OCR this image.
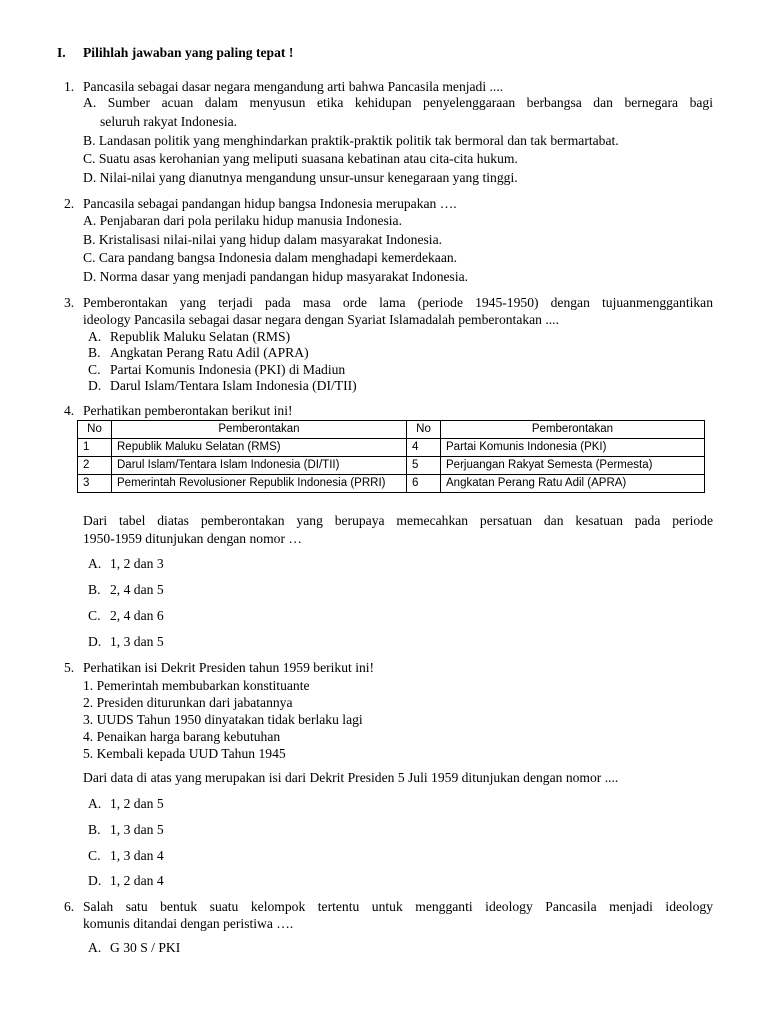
I. Pilihlah jawaban yang paling tepat !
1. Pancasila sebagai dasar negara mengandung arti bahwa Pancasila menjadi ....
A. Sumber acuan dalam menyusun etika kehidupan penyelenggaraan berbangsa dan bernegara bagi
seluruh rakyat Indonesia.
B. Landasan politik yang menghindarkan praktik-praktik politik tak bermoral dan tak bermartabat.
C. Suatu asas kerohanian yang meliputi suasana kebatinan atau cita-cita hukum.
D. Nilai-nilai yang dianutnya mengandung unsur-unsur kenegaraan yang tinggi.
2. Pancasila sebagai pandangan hidup bangsa Indonesia merupakan ….
A. Penjabaran dari pola perilaku hidup manusia Indonesia.
B. Kristalisasi nilai-nilai yang hidup dalam masyarakat Indonesia.
C. Cara pandang bangsa Indonesia dalam menghadapi kemerdekaan.
D. Norma dasar yang menjadi pandangan hidup masyarakat Indonesia.
3. Pemberontakan yang terjadi pada masa orde lama (periode 1945-1950) dengan tujuanmenggantikan
ideology Pancasila sebagai dasar negara dengan Syariat Islamadalah pemberontakan ....
A. Republik Maluku Selatan (RMS)
B. Angkatan Perang Ratu Adil (APRA)
C. Partai Komunis Indonesia (PKI) di Madiun
D. Darul Islam/Tentara Islam Indonesia (DI/TII)
4. Perhatikan pemberontakan berikut ini!
No	Pemberontakan	No	Pemberontakan
1	Republik Maluku Selatan (RMS)	4	Partai Komunis Indonesia (PKI)
2	Darul Islam/Tentara Islam Indonesia (DI/TII)	5	Perjuangan Rakyat Semesta (Permesta)
3	Pemerintah Revolusioner Republik Indonesia (PRRI)	6	Angkatan Perang Ratu Adil (APRA)
Dari tabel diatas pemberontakan yang berupaya memecahkan persatuan dan kesatuan pada periode
1950-1959 ditunjukan dengan nomor …
A. 1, 2 dan 3
B. 2, 4 dan 5
C. 2, 4 dan 6
D. 1, 3 dan 5
5. Perhatikan isi Dekrit Presiden tahun 1959 berikut ini!
1. Pemerintah membubarkan konstituante
2. Presiden diturunkan dari jabatannya
3. UUDS Tahun 1950 dinyatakan tidak berlaku lagi
4. Penaikan harga barang kebutuhan
5. Kembali kepada UUD Tahun 1945
Dari data di atas yang merupakan isi dari Dekrit Presiden 5 Juli 1959 ditunjukan dengan nomor ....
A. 1, 2 dan 5
B. 1, 3 dan 5
C. 1, 3 dan 4
D. 1, 2 dan 4
6. Salah satu bentuk suatu kelompok tertentu untuk mengganti ideology Pancasila menjadi ideology
komunis ditandai dengan peristiwa ….
A. G 30 S / PKI
